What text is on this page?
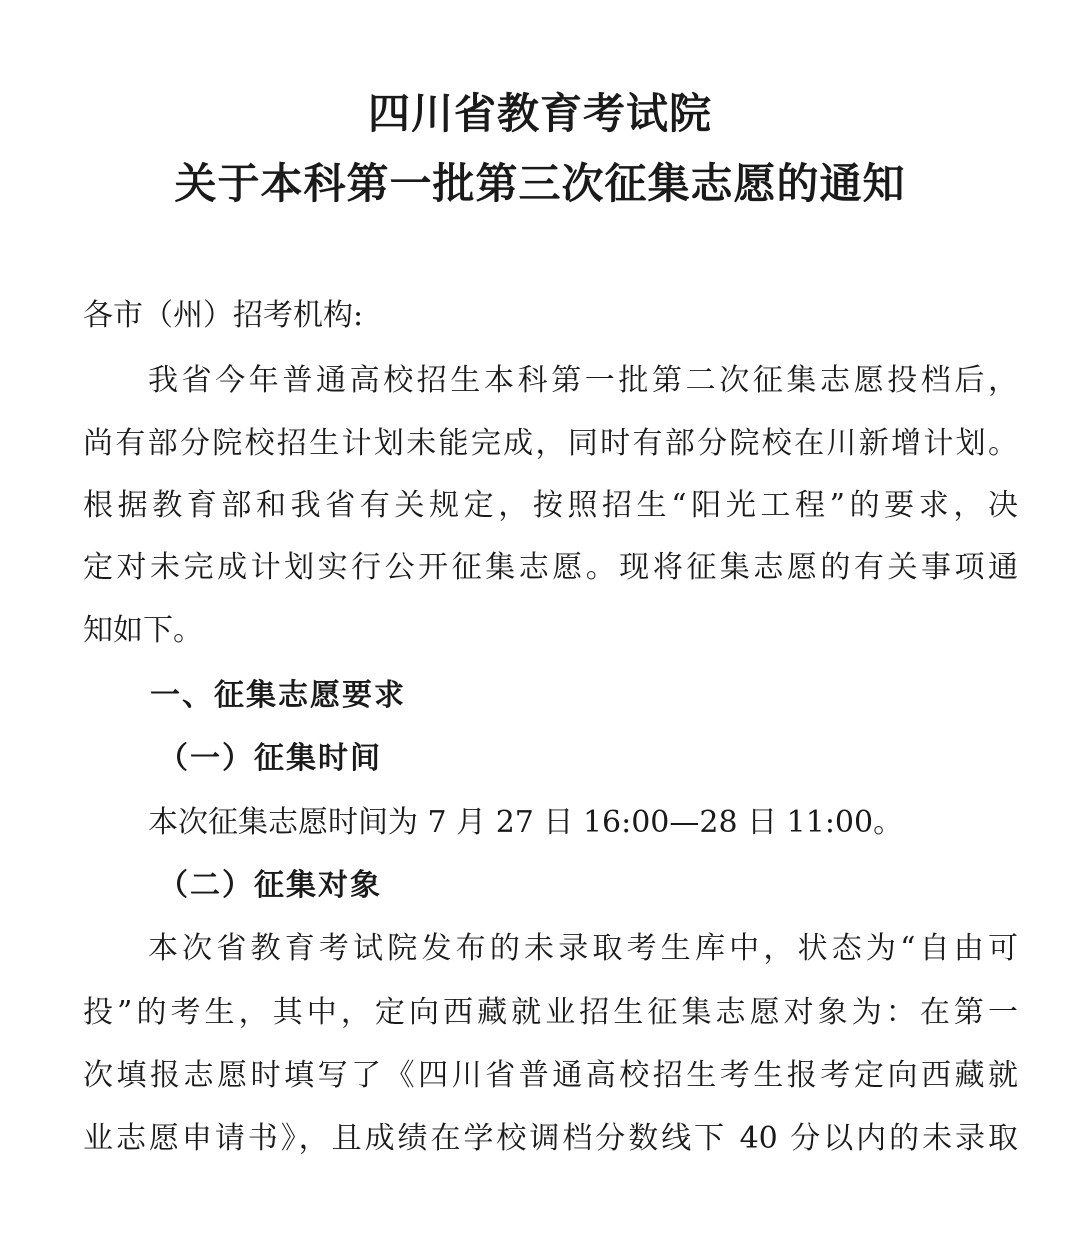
四川省教育考试院
关于本科第一批第三次征集志愿的通知
各市（州）招考机构:
我省今年普通高校招生本科第一批第二次征集志愿投档后，
尚有部分院校招生计划未能完成，同时有部分院校在川新增计划。
根据教育部和我省有关规定，按照招生“阳光工程”的要求，决
定对未完成计划实行公开征集志愿。现将征集志愿的有关事项通
知如下。
一、征集志愿要求
（一）征集时间
本次征集志愿时间为 7 月 27 日 16:00—28 日 11:00。
（二）征集对象
本次省教育考试院发布的未录取考生库中，状态为“自由可
投”的考生，其中，定向西藏就业招生征集志愿对象为：在第一
次填报志愿时填写了《四川省普通高校招生考生报考定向西藏就
业志愿申请书》，且成绩在学校调档分数线下 40 分以内的未录取
